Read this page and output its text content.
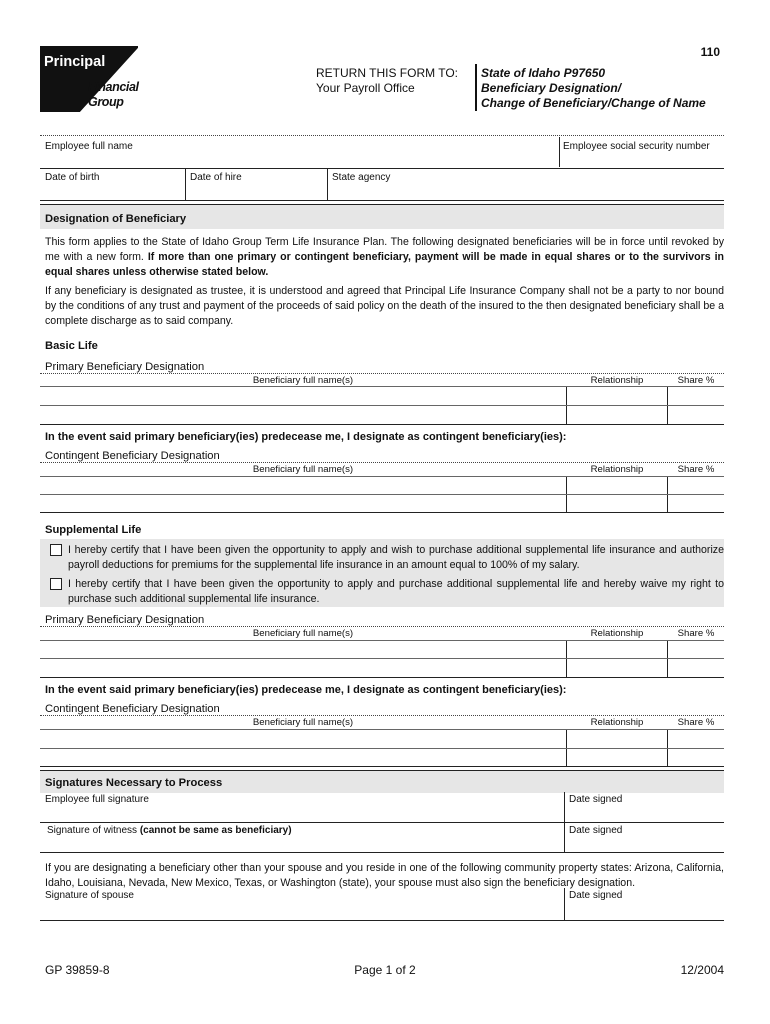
110
Principal
Financial
Group
RETURN THIS FORM TO:
Your Payroll Office
State of Idaho P97650
Beneficiary Designation/
Change of Beneficiary/Change of Name
Employee full name	Employee social security number
Date of birth	Date of hire	State agency
Designation of Beneficiary
This form applies to the State of Idaho Group Term Life Insurance Plan. The following designated beneficiaries will be in force until revoked by me with a new form. If more than one primary or contingent beneficiary, payment will be made in equal shares or to the survivors in equal shares unless otherwise stated below.
If any beneficiary is designated as trustee, it is understood and agreed that Principal Life Insurance Company shall not be a party to nor bound by the conditions of any trust and payment of the proceeds of said policy on the death of the insured to the then designated beneficiary shall be a complete discharge as to said company.
Basic Life
Primary Beneficiary Designation
Beneficiary full name(s)	Relationship	Share %
In the event said primary beneficiary(ies) predecease me, I designate as contingent beneficiary(ies):
Contingent Beneficiary Designation
Beneficiary full name(s)	Relationship	Share %
Supplemental Life
I hereby certify that I have been given the opportunity to apply and wish to purchase additional supplemental life insurance and authorize payroll deductions for premiums for the supplemental life insurance in an amount equal to 100% of my salary.
I hereby certify that I have been given the opportunity to apply and purchase additional supplemental life and hereby waive my right to purchase such additional supplemental life insurance.
Primary Beneficiary Designation
Beneficiary full name(s)	Relationship	Share %
In the event said primary beneficiary(ies) predecease me, I designate as contingent beneficiary(ies):
Contingent Beneficiary Designation
Beneficiary full name(s)	Relationship	Share %
Signatures Necessary to Process
Employee full signature	Date signed
Signature of witness (cannot be same as beneficiary)	Date signed
If you are designating a beneficiary other than your spouse and you reside in one of the following community property states: Arizona, California, Idaho, Louisiana, Nevada, New Mexico, Texas, or Washington (state), your spouse must also sign the beneficiary designation.
Signature of spouse	Date signed
GP 39859-8	Page 1 of 2	12/2004
